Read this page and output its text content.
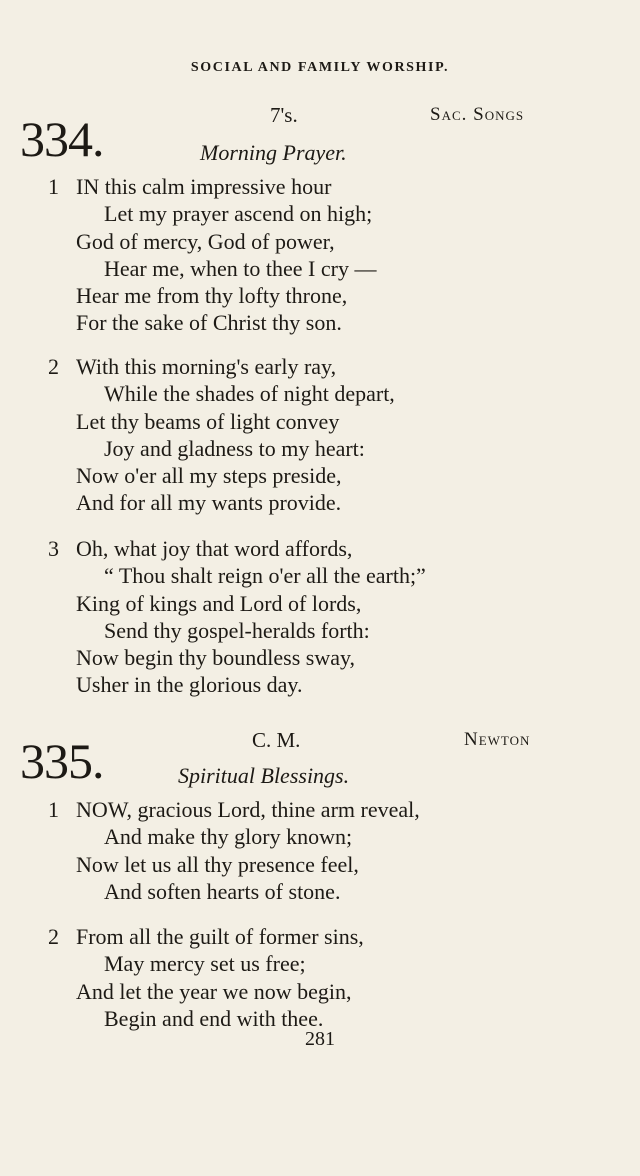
SOCIAL AND FAMILY WORSHIP.
334.	7's.	Sac. Songs
Morning Prayer.
1 IN this calm impressive hour
Let my prayer ascend on high;
God of mercy, God of power,
Hear me, when to thee I cry —
Hear me from thy lofty throne,
For the sake of Christ thy son.
2 With this morning's early ray,
While the shades of night depart,
Let thy beams of light convey
Joy and gladness to my heart:
Now o'er all my steps preside,
And for all my wants provide.
3 Oh, what joy that word affords,
“ Thou shalt reign o'er all the earth;”
King of kings and Lord of lords,
Send thy gospel-heralds forth:
Now begin thy boundless sway,
Usher in the glorious day.
335.	C. M.	Newton
Spiritual Blessings.
1 NOW, gracious Lord, thine arm reveal,
And make thy glory known;
Now let us all thy presence feel,
And soften hearts of stone.
2 From all the guilt of former sins,
May mercy set us free;
And let the year we now begin,
Begin and end with thee.
281
